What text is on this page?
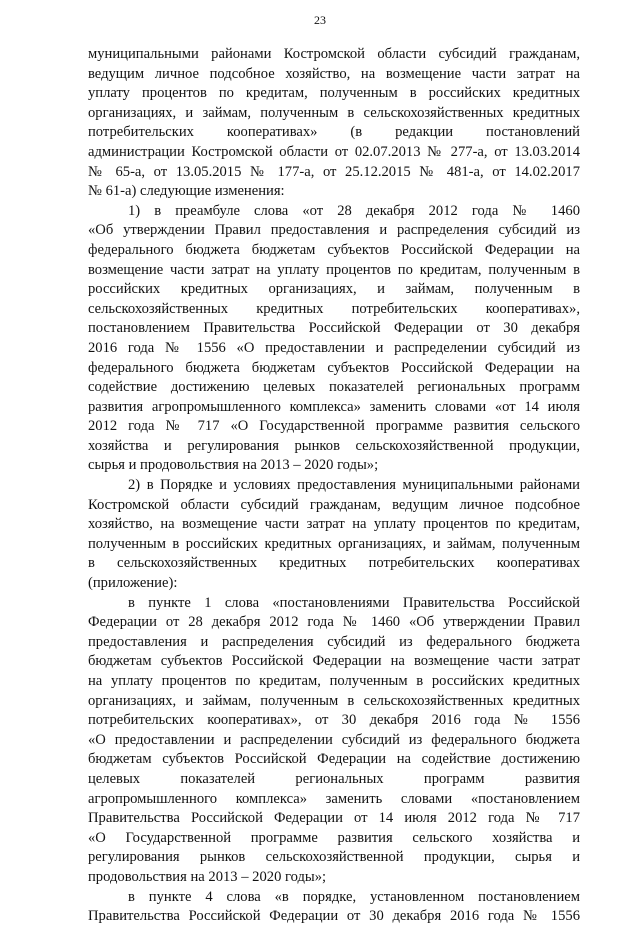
23

муниципальными районами Костромской области субсидий гражданам,

ведущим личное подсобное хозяйство, на возмещение части затрат на

уплату процентов по кредитам, полученным в российских кредитных

организациях, и займам, полученным в сельскохозяйственных кредитных

потребительских кооперативах» (в редакции постановлений

администрации Костромской области от 02.07.2013 № 277-а, от 13.03.2014

№ 65-а, от 13.05.2015 № 177-а, от 25.12.2015 № 481-а, от 14.02.2017

№ 61-а) следующие изменения:

1) в преамбуле слова «от 28 декабря 2012 года № 1460

«Об утверждении Правил предоставления и распределения субсидий из

федерального бюджета бюджетам субъектов Российской Федерации на

возмещение части затрат на уплату процентов по кредитам, полученным в

российских кредитных организациях, и займам, полученным в

сельскохозяйственных кредитных потребительских кооперативах»,

постановлением Правительства Российской Федерации от 30 декабря

2016 года № 1556 «О предоставлении и распределении субсидий из

федерального бюджета бюджетам субъектов Российской Федерации на

содействие достижению целевых показателей региональных программ

развития агропромышленного комплекса» заменить словами «от 14 июля

2012 года № 717 «О Государственной программе развития сельского

хозяйства и регулирования рынков сельскохозяйственной продукции,

сырья и продовольствия на 2013 – 2020 годы»;

2) в Порядке и условиях предоставления муниципальными районами

Костромской области субсидий гражданам, ведущим личное подсобное

хозяйство, на возмещение части затрат на уплату процентов по кредитам,

полученным в российских кредитных организациях, и займам, полученным

в сельскохозяйственных кредитных потребительских кооперативах

(приложение):

в пункте 1 слова «постановлениями Правительства Российской

Федерации от 28 декабря 2012 года № 1460 «Об утверждении Правил

предоставления и распределения субсидий из федерального бюджета

бюджетам субъектов Российской Федерации на возмещение части затрат

на уплату процентов по кредитам, полученным в российских кредитных

организациях, и займам, полученным в сельскохозяйственных кредитных

потребительских кооперативах», от 30 декабря 2016 года № 1556

«О предоставлении и распределении субсидий из федерального бюджета

бюджетам субъектов Российской Федерации на содействие достижению

целевых показателей региональных программ развития

агропромышленного комплекса» заменить словами «постановлением

Правительства Российской Федерации от 14 июля 2012 года № 717

«О Государственной программе развития сельского хозяйства и

регулирования рынков сельскохозяйственной продукции, сырья и

продовольствия на 2013 – 2020 годы»;

в пункте 4 слова «в порядке, установленном постановлением

Правительства Российской Федерации от 30 декабря 2016 года № 1556
